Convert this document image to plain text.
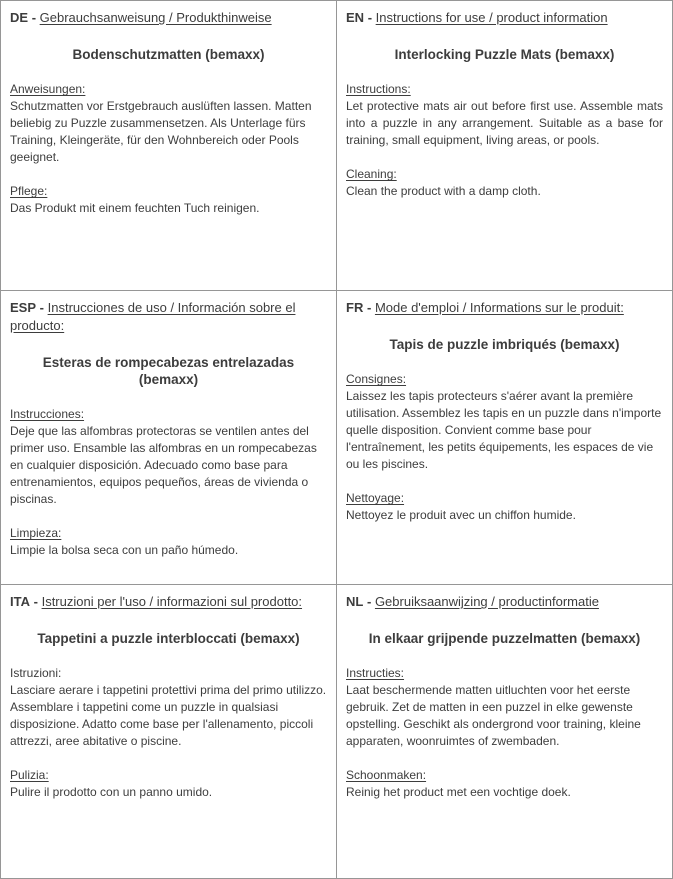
DE - Gebrauchsanweisung / Produkthinweise
Bodenschutzmatten (bemaxx)
Anweisungen:

Schutzmatten vor Erstgebrauch auslüften lassen. Matten beliebig zu Puzzle zusammensetzen. Als Unterlage fürs Training, Kleingeräte, für den Wohnbereich oder Pools geeignet.

Pflege:

Das Produkt mit einem feuchten Tuch reinigen.

EN - Instructions for use / product information
Interlocking Puzzle Mats (bemaxx)
Instructions:

Let protective mats air out before first use. Assemble mats into a puzzle in any arrangement. Suitable as a base for training, small equipment, living areas, or pools.

Cleaning:

Clean the product with a damp cloth.

ESP - Instrucciones de uso / Información sobre el producto:
Esteras de rompecabezas entrelazadas (bemaxx)
Instrucciones:

Deje que las alfombras protectoras se ventilen antes del primer uso. Ensamble las alfombras en un rompecabezas en cualquier disposición. Adecuado como base para entrenamientos, equipos pequeños, áreas de vivienda o piscinas.

Limpieza:

Limpie la bolsa seca con un paño húmedo.

FR - Mode d'emploi / Informations sur le produit:
Tapis de puzzle imbriqués (bemaxx)
Consignes:

Laissez les tapis protecteurs s'aérer avant la première utilisation. Assemblez les tapis en un puzzle dans n'importe quelle disposition. Convient comme base pour l'entraînement, les petits équipements, les espaces de vie ou les piscines.

Nettoyage:

Nettoyez le produit avec un chiffon humide.

ITA - Istruzioni per l'uso / informazioni sul prodotto:
Tappetini a puzzle interbloccati (bemaxx)
Istruzioni:

Lasciare aerare i tappetini protettivi prima del primo utilizzo. Assemblare i tappetini come un puzzle in qualsiasi disposizione. Adatto come base per l'allenamento, piccoli attrezzi, aree abitative o piscine.

Pulizia:

Pulire il prodotto con un panno umido.

NL - Gebruiksaanwijzing / productinformatie
In elkaar grijpende puzzelmatten (bemaxx)
Instructies:

Laat beschermende matten uitluchten voor het eerste gebruik. Zet de matten in een puzzel in elke gewenste opstelling. Geschikt als ondergrond voor training, kleine apparaten, woonruimtes of zwembaden.

Schoonmaken:

Reinig het product met een vochtige doek.
